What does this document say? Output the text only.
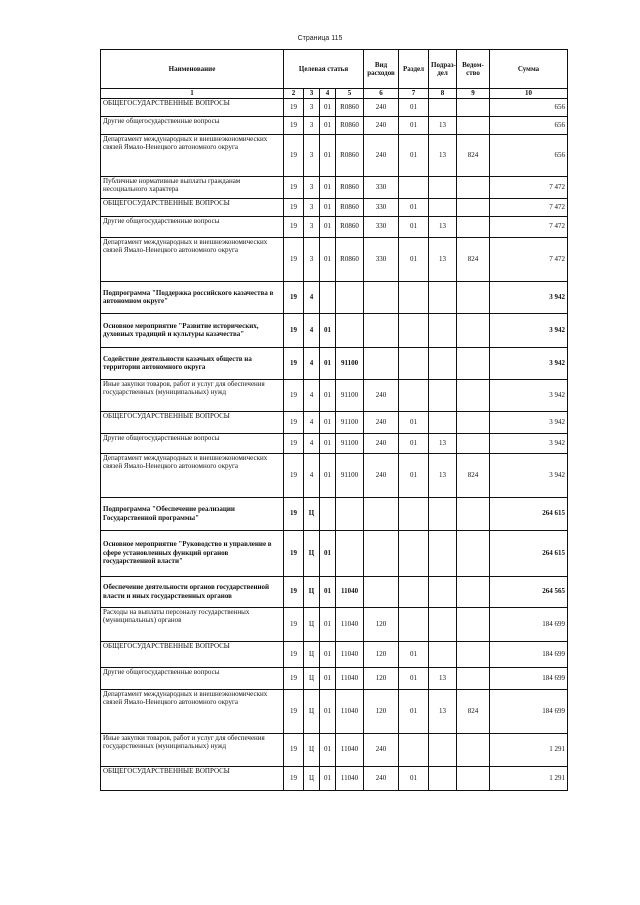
Страница 115
Наименование	Целевая статья				Вид расходов	Раздел	Подраз-дел	Ведом-ство	Сумма
1	2	3	4	5	6	7	8	9	10
ОБЩЕГОСУДАРСТВЕННЫЕ ВОПРОСЫ	19	3	01	R0860	240	01			656
Другие общегосударственные вопросы	19	3	01	R0860	240	01	13		656
Департамент международных и внешнеэкономических связей Ямало-Ненецкого автономного округа	19	3	01	R0860	240	01	13	824	656
Публичные нормативные выплаты гражданам несоциального характера	19	3	01	R0860	330				7 472
ОБЩЕГОСУДАРСТВЕННЫЕ ВОПРОСЫ	19	3	01	R0860	330	01			7 472
Другие общегосударственные вопросы	19	3	01	R0860	330	01	13		7 472
Департамент международных и внешнеэкономических связей Ямало-Ненецкого автономного округа	19	3	01	R0860	330	01	13	824	7 472
Подпрограмма "Поддержка российского казачества в автономном округе"	19	4							3 942
Основное мероприятие "Развитие исторических, духовных традиций и культуры казачества"	19	4	01						3 942
Содействие деятельности казачьих обществ на территории автономного округа	19	4	01	91100					3 942
Иные закупки товаров, работ и услуг для обеспечения государственных (муниципальных) нужд	19	4	01	91100	240				3 942
ОБЩЕГОСУДАРСТВЕННЫЕ ВОПРОСЫ	19	4	01	91100	240	01			3 942
Другие общегосударственные вопросы	19	4	01	91100	240	01	13		3 942
Департамент международных и внешнеэкономических связей Ямало-Ненецкого автономного округа	19	4	01	91100	240	01	13	824	3 942
Подпрограмма "Обеспечение реализации Государственной программы"	19	Ц							264 615
Основное мероприятие "Руководство и управление в сфере установленных функций органов государственной власти"	19	Ц	01						264 615
Обеспечение деятельности органов государственной власти и иных государственных органов	19	Ц	01	11040					264 565
Расходы на выплаты персоналу государственных (муниципальных) органов	19	Ц	01	11040	120				184 699
ОБЩЕГОСУДАРСТВЕННЫЕ ВОПРОСЫ	19	Ц	01	11040	120	01			184 699
Другие общегосударственные вопросы	19	Ц	01	11040	120	01	13		184 699
Департамент международных и внешнеэкономических связей Ямало-Ненецкого автономного округа	19	Ц	01	11040	120	01	13	824	184 699
Иные закупки товаров, работ и услуг для обеспечения государственных (муниципальных) нужд	19	Ц	01	11040	240				1 291
ОБЩЕГОСУДАРСТВЕННЫЕ ВОПРОСЫ	19	Ц	01	11040	240	01			1 291
